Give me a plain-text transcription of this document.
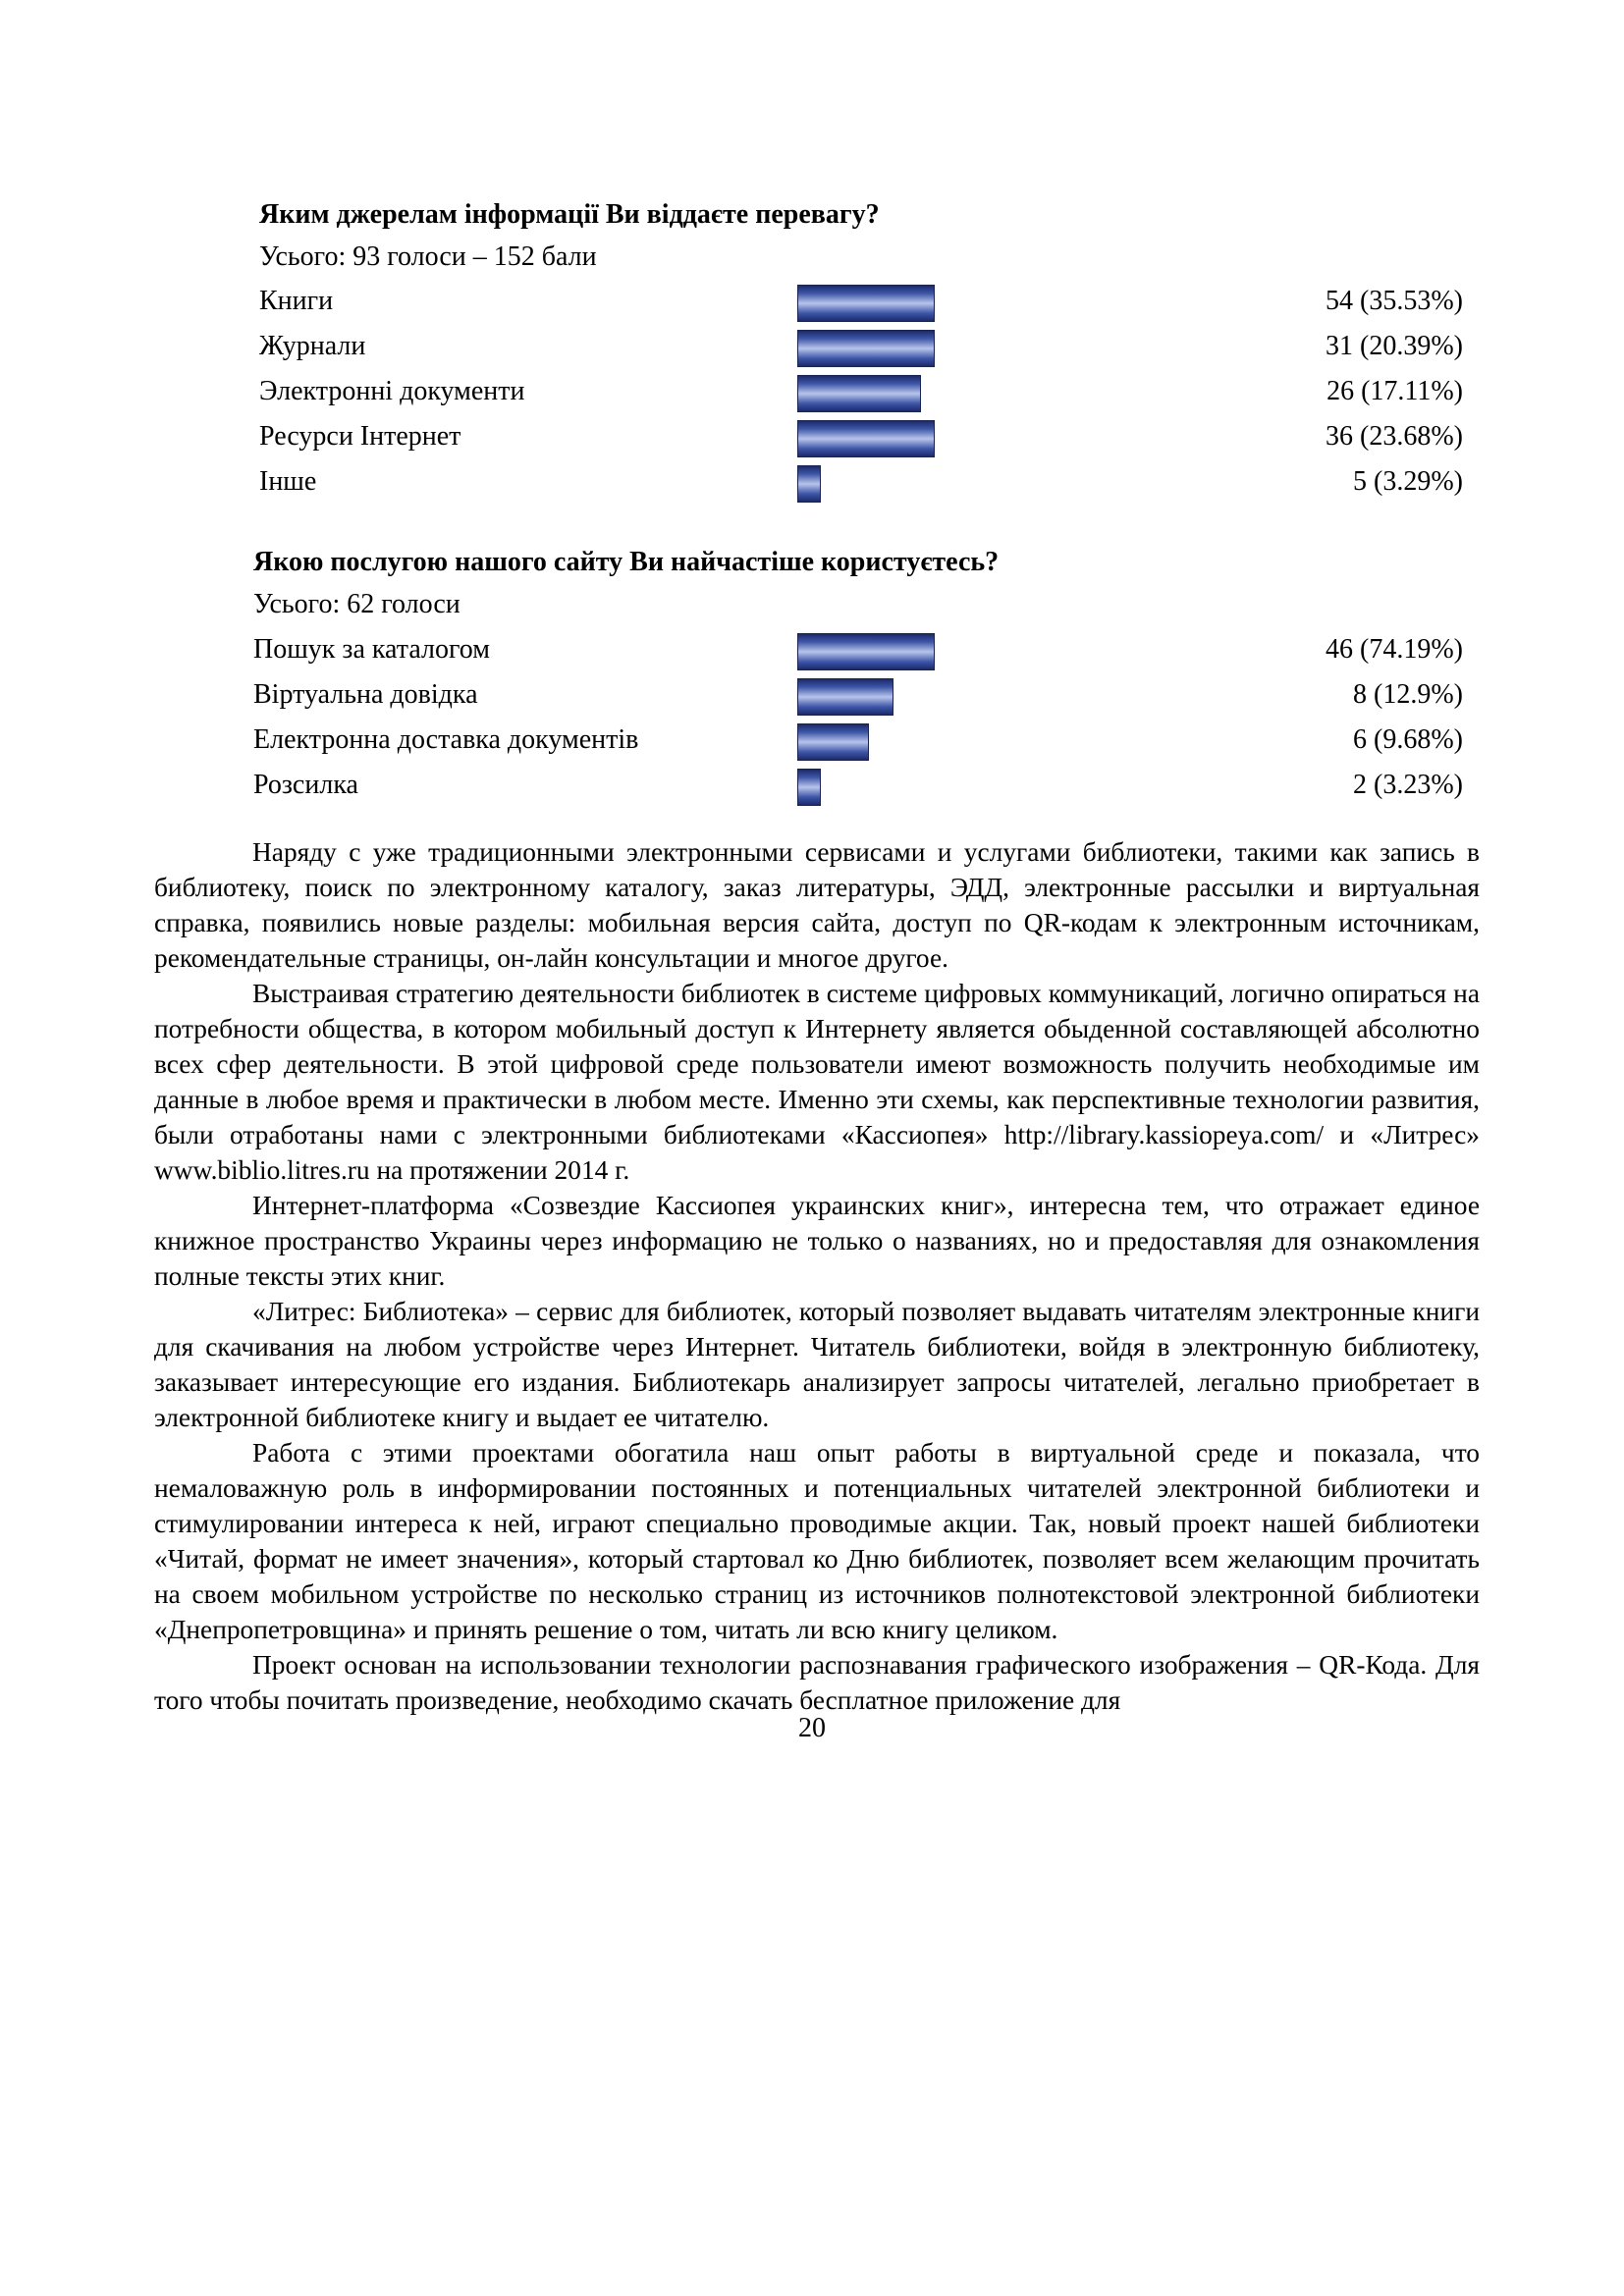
Яким джерелам інформації Ви віддаєте перевагу?
Усього: 93 голоси – 152 бали
Книги	54 (35.53%)
Журнали	31 (20.39%)
Электронні документи	26 (17.11%)
Ресурси Інтернет	36 (23.68%)
Інше	5 (3.29%)
Якою послугою нашого сайту Ви найчастіше користуєтесь?
Усього: 62 голоси
Пошук за каталогом	46 (74.19%)
Віртуальна довідка	8 (12.9%)
Електронна доставка документів	6 (9.68%)
Розсилка	2 (3.23%)

Наряду с уже традиционными электронными сервисами и услугами библиотеки, такими как запись в библиотеку, поиск по электронному каталогу, заказ литературы, ЭДД, электронные рассылки и виртуальная справка, появились новые разделы: мобильная версия сайта, доступ по QR-кодам к электронным источникам, рекомендательные страницы, он-лайн консультации и многое другое.

Выстраивая стратегию деятельности библиотек в системе цифровых коммуникаций, логично опираться на потребности общества, в котором мобильный доступ к Интернету является обыденной составляющей абсолютно всех сфер деятельности. В этой цифровой среде пользователи имеют возможность получить необходимые им данные в любое время и практически в любом месте. Именно эти схемы, как перспективные технологии развития, были отработаны нами с электронными библиотеками «Кассиопея» http://library.kassiopeya.com/ и «Литрес» www.biblio.litres.ru на протяжении 2014 г.

Интернет-платформа «Созвездие Кассиопея украинских книг», интересна тем, что отражает единое книжное пространство Украины через информацию не только о названиях, но и предоставляя для ознакомления полные тексты этих книг.

«Литрес: Библиотека» – сервис для библиотек, который позволяет выдавать читателям электронные книги для скачивания на любом устройстве через Интернет. Читатель библиотеки, войдя в электронную библиотеку, заказывает интересующие его издания. Библиотекарь анализирует запросы читателей, легально приобретает в электронной библиотеке книгу и выдает ее читателю.

Работа с этими проектами обогатила наш опыт работы в виртуальной среде и показала, что немаловажную роль в информировании постоянных и потенциальных читателей электронной библиотеки и стимулировании интереса к ней, играют специально проводимые акции. Так, новый проект нашей библиотеки «Читай, формат не имеет значения», который стартовал ко Дню библиотек, позволяет всем желающим прочитать на своем мобильном устройстве по несколько страниц из источников полнотекстовой электронной библиотеки «Днепропетровщина» и принять решение о том, читать ли всю книгу целиком.

Проект основан на использовании технологии распознавания графического изображения – QR-Кода. Для того чтобы почитать произведение, необходимо скачать бесплатное приложение для

20
